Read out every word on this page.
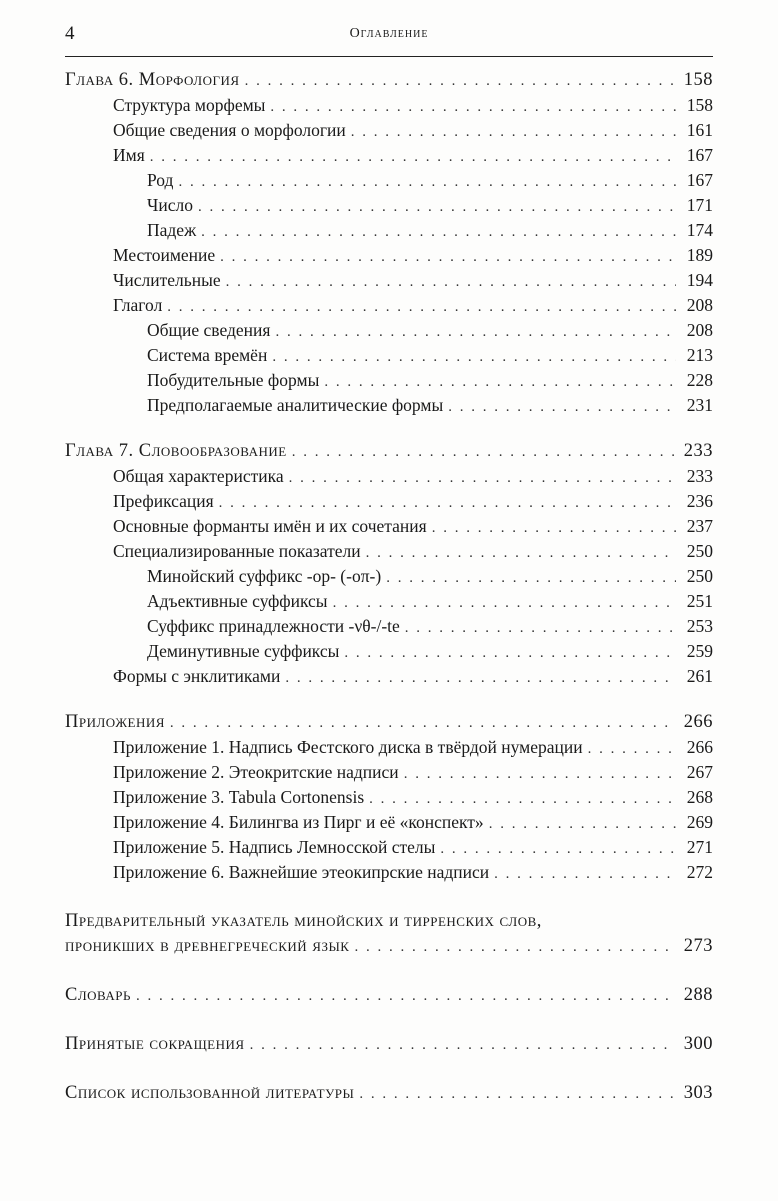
4	Оглавление
Глава 6. Морфология . . .	158
Структура морфемы . . .	158
Общие сведения о морфологии . . .	161
Имя . . .	167
Род . . .	167
Число . . .	171
Падеж . . .	174
Местоимение . . .	189
Числительные . . .	194
Глагол . . .	208
Общие сведения . . .	208
Система времён . . .	213
Побудительные формы . . .	228
Предполагаемые аналитические формы . . .	231
Глава 7. Словообразование . . .	233
Общая характеристика . . .	233
Префиксация . . .	236
Основные форманты имён и их сочетания . . .	237
Специализированные показатели . . .	250
Минойский суффикс -ор- (-οπ-) . . .	250
Адъективные суффиксы . . .	251
Суффикс принадлежности -νθ-/-te . . .	253
Деминутивные суффиксы . . .	259
Формы с энклитиками . . .	261
Приложения . . .	266
Приложение 1. Надпись Фестского диска в твёрдой нумерации . . .	266
Приложение 2. Этеокритские надписи . . .	267
Приложение 3. Tabula Cortonensis . . .	268
Приложение 4. Билингва из Пирг и её «конспект» . . .	269
Приложение 5. Надпись Лемносской стелы . . .	271
Приложение 6. Важнейшие этеокипрские надписи . . .	272
Предварительный указатель минойских и тирренских слов,
проникших в древнегреческий язык . . .	273
Словарь . . .	288
Принятые сокращения . . .	300
Список использованной литературы . . .	303
